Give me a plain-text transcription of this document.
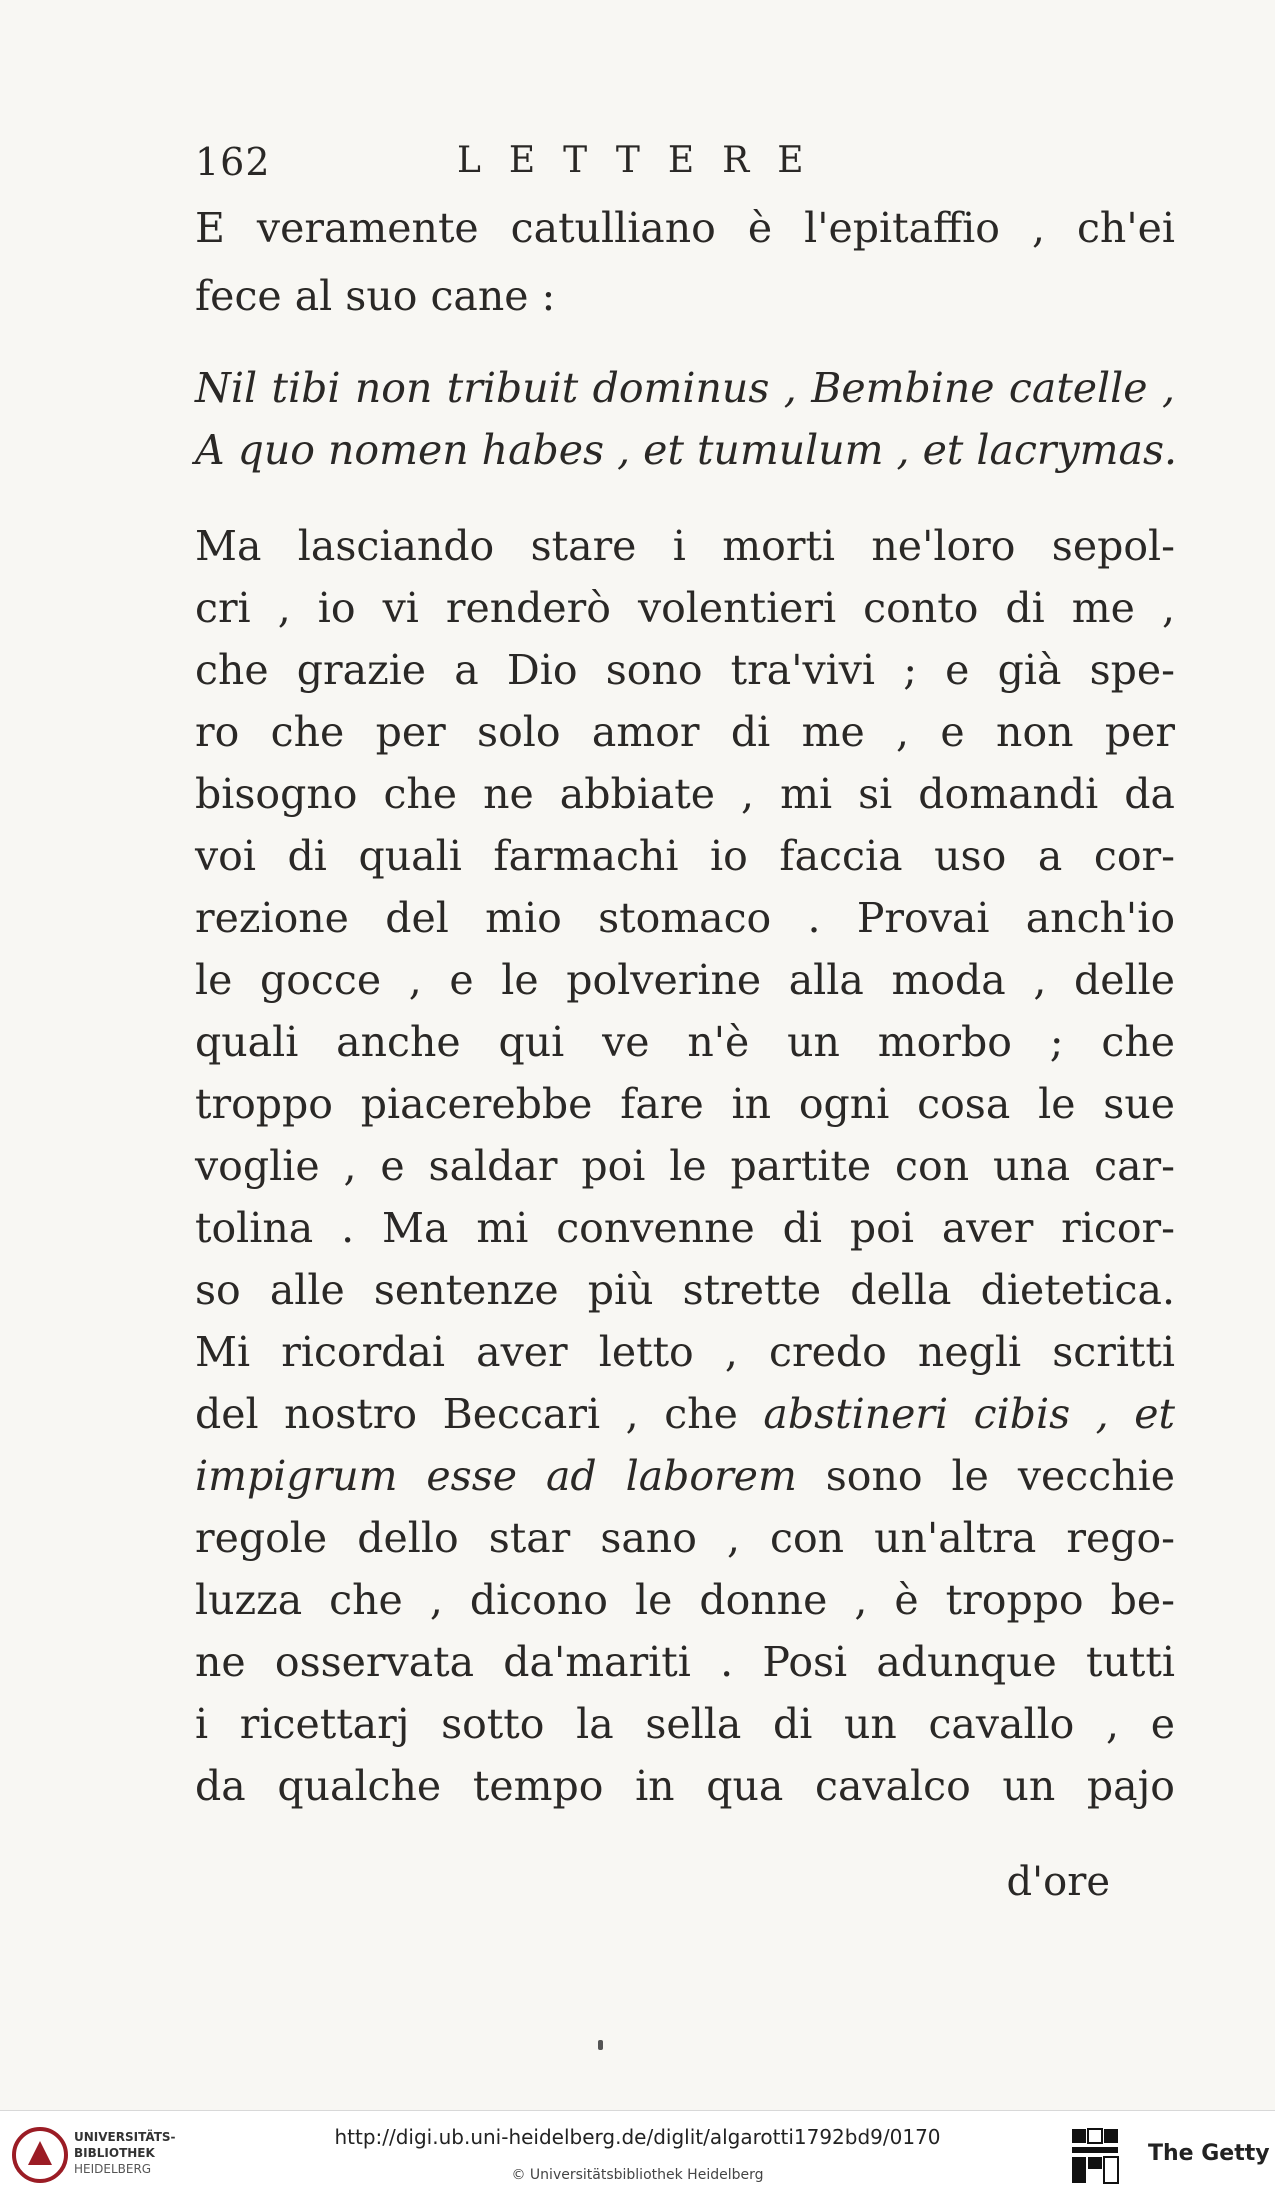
162	LETTERE
E veramente catulliano è l'epitaffio , ch'ei
fece al suo cane :
Nil tibi non tribuit dominus , Bembine catelle ,
A quo nomen habes , et tumulum , et lacrymas.
Ma lasciando stare i morti ne'loro sepol-
cri , io vi renderò volentieri conto di me ,
che grazie a Dio sono tra'vivi ; e già spe-
ro che per solo amor di me , e non per
bisogno che ne abbiate , mi si domandi da
voi di quali farmachi io faccia uso a cor-
rezione del mio stomaco . Provai anch'io
le gocce , e le polverine alla moda , delle
quali anche qui ve n'è un morbo ; che
troppo piacerebbe fare in ogni cosa le sue
voglie , e saldar poi le partite con una car-
tolina . Ma mi convenne di poi aver ricor-
so alle sentenze più strette della dietetica.
Mi ricordai aver letto , credo negli scritti
del nostro Beccari , che abstineri cibis , et
impigrum esse ad laborem sono le vecchie
regole dello star sano , con un'altra rego-
luzza che , dicono le donne , è troppo be-
ne osservata da'mariti . Posi adunque tutti
i ricettarj sotto la sella di un cavallo , e
da qualche tempo in qua cavalco un pajo
d'ore
UNIVERSITÄTS-
BIBLIOTHEK
HEIDELBERG
http://digi.ub.uni-heidelberg.de/diglit/algarotti1792bd9/0170
© Universitätsbibliothek Heidelberg
The Getty
